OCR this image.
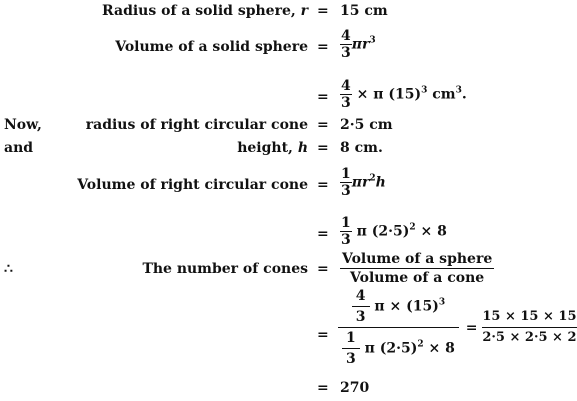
Radius of a solid sphere, r = 15 cm
Volume of a solid sphere = $\frac{4}{3} \pi r^3$
= $\frac{4}{3} \times \pi$ $(15)^3$ $cm^3$.
Now,	radius of right circular cone = 2·5 cm
and	height, h = 8 cm.
Volume of right circular cone = $\frac{1}{3} \pi r^2h$
= $\frac{1}{3}$ π $(2\cdot 5)^2 \times 8$
∴	The number of cones = $\frac{\text{Volume of a sphere}}{\text{Volume of a cone}}$
= $\frac{\frac{4}{3} \pi \times (15)^3}{\frac{1}{3} \pi (2\cdot 5)^2 \times 8} = \frac{15 \times 15 \times 15}{2\cdot 5 \times 2\cdot 5 \times 2}$
= 270
